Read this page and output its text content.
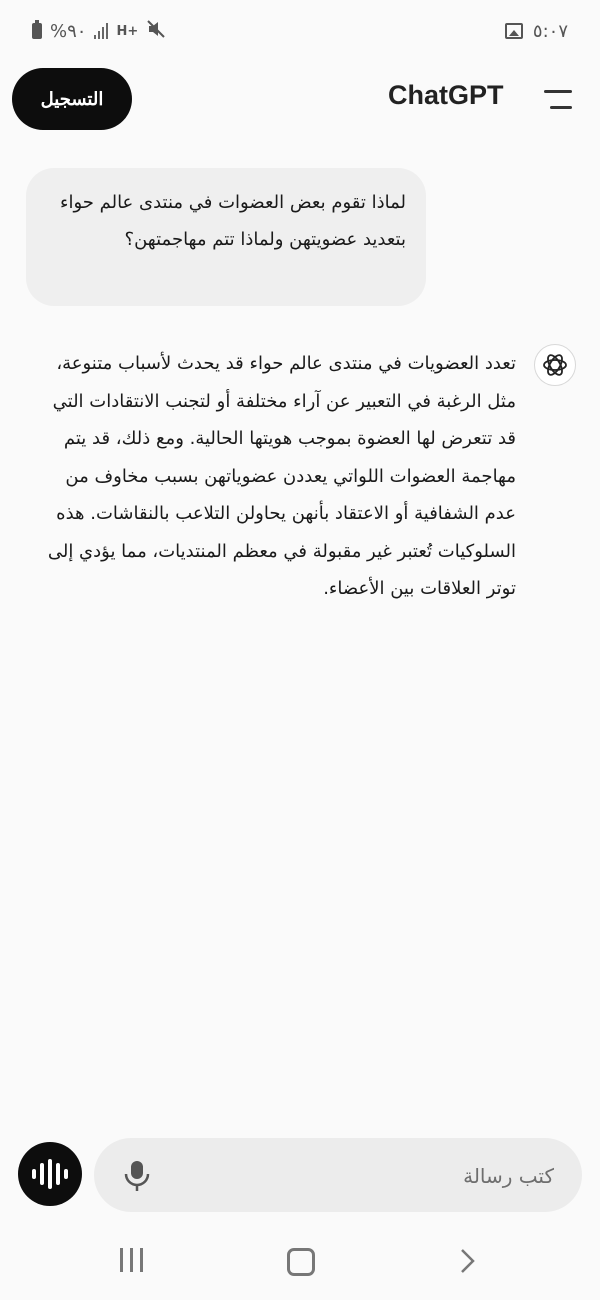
%٩٠ H+	٥:٠٧
التسجيل	ChatGPT
لماذا تقوم بعض العضوات في منتدى عالم حواء بتعديد عضويتهن ولماذا تتم مهاجمتهن؟
تعدد العضويات في منتدى عالم حواء قد يحدث لأسباب متنوعة، مثل الرغبة في التعبير عن آراء مختلفة أو لتجنب الانتقادات التي قد تتعرض لها العضوة بموجب هويتها الحالية. ومع ذلك، قد يتم مهاجمة العضوات اللواتي يعددن عضوياتهن بسبب مخاوف من عدم الشفافية أو الاعتقاد بأنهن يحاولن التلاعب بالنقاشات. هذه السلوكيات تُعتبر غير مقبولة في معظم المنتديات، مما يؤدي إلى توتر العلاقات بين الأعضاء.
كتب رسالة
